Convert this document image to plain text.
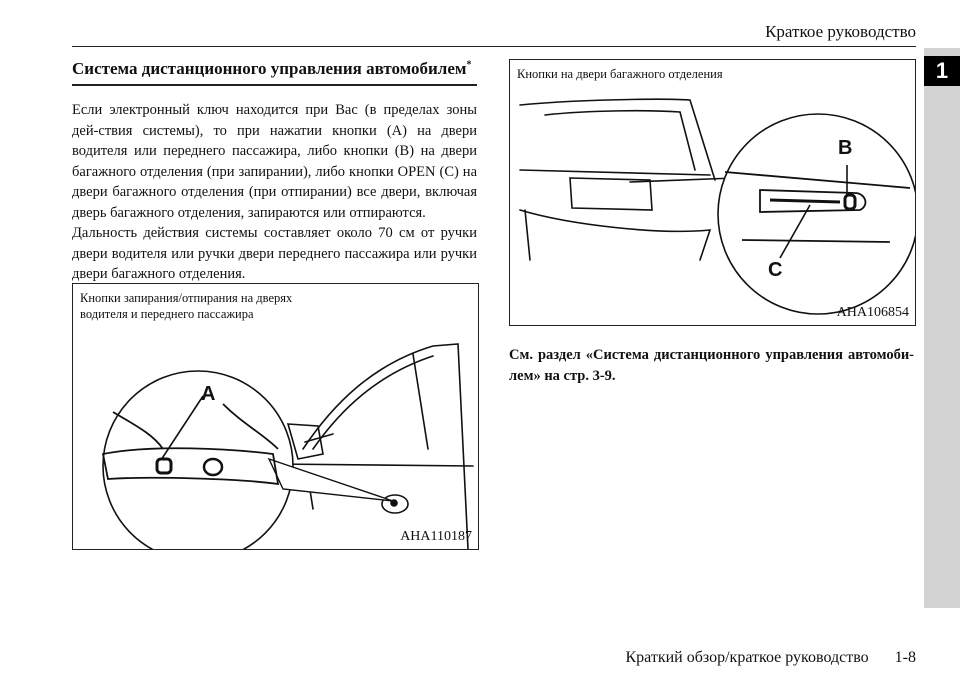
Краткое руководство
1
Система дистанционного управления автомобилем*

Если электронный ключ находится при Вас (в пределах зоны дей-ствия системы), то при нажатии кнопки (A) на двери водителя или переднего пассажира, либо кнопки (B) на двери багажного отделения (при запирании), либо кнопки OPEN (C) на двери багажного отделения (при отпирании) все двери, включая дверь багажного отделения, запираются или отпираются.

Дальность действия системы составляет около 70 см от ручки двери водителя или ручки двери переднего пассажира или ручки двери багажного отделения.

Кнопки запирания/отпирания на дверях
водителя и переднего пассажира
A
AHA110187
Кнопки на двери багажного отделения
B
C
AHA106854
См. раздел «Система дистанционного управления автомоби-лем» на стр. 3-9.
Краткий обзор/краткое руководство 1-8
